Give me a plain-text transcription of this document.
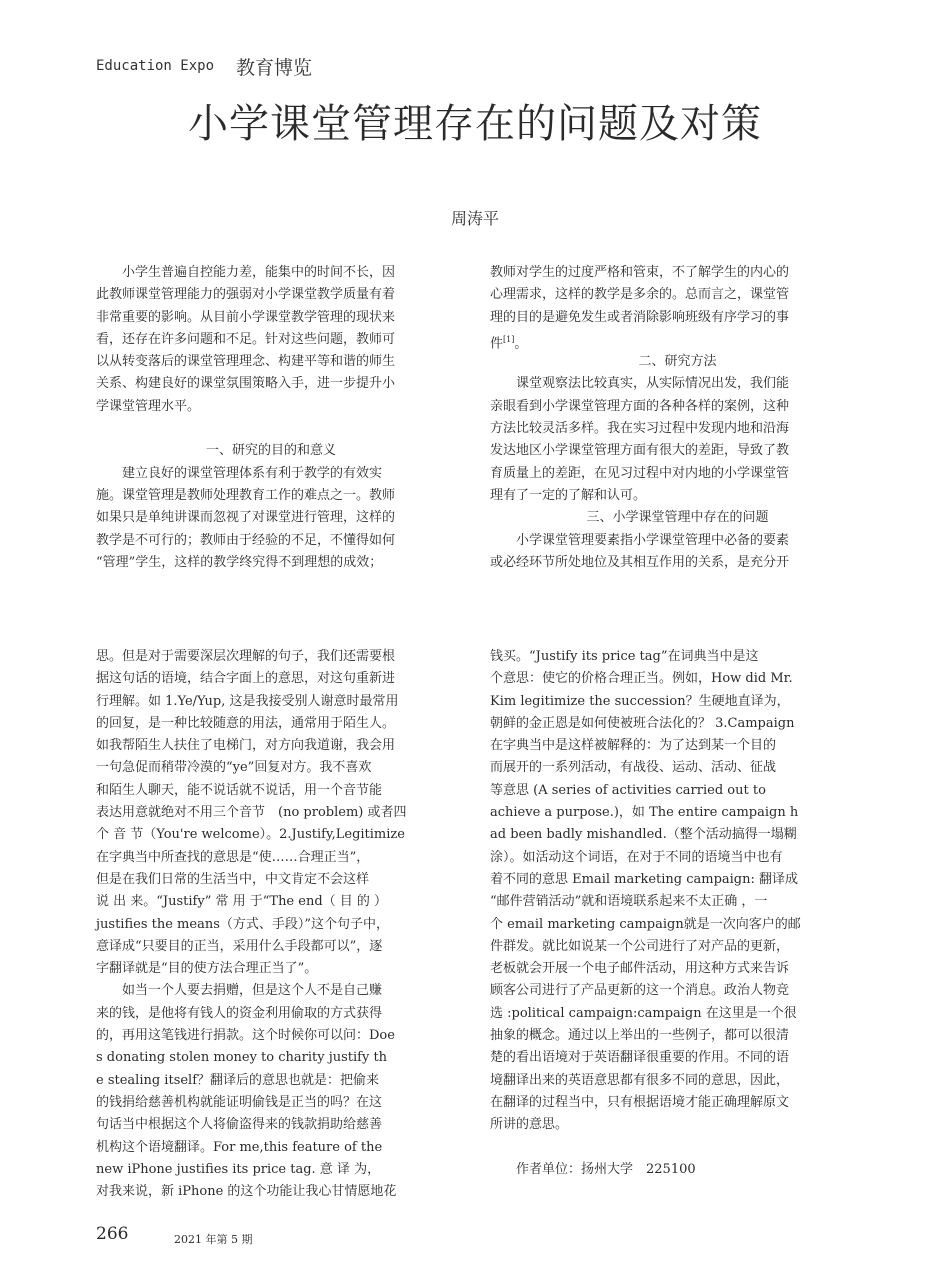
Education Expo 教育博览
小学课堂管理存在的问题及对策
周涛平
小学生普遍自控能力差，能集中的时间不长，因
此教师课堂管理能力的强弱对小学课堂教学质量有着
非常重要的影响。从目前小学课堂教学管理的现状来
看，还存在许多问题和不足。针对这些问题，教师可
以从转变落后的课堂管理理念、构建平等和谐的师生
关系、构建良好的课堂氛围策略入手，进一步提升小
学课堂管理水平。
一、研究的目的和意义
建立良好的课堂管理体系有利于教学的有效实
施。课堂管理是教师处理教育工作的难点之一。教师
如果只是单纯讲课而忽视了对课堂进行管理，这样的
教学是不可行的；教师由于经验的不足，不懂得如何
“管理”学生，这样的教学终究得不到理想的成效；
教师对学生的过度严格和管束，不了解学生的内心的
心理需求，这样的教学是多余的。总而言之，课堂管
理的目的是避免发生或者消除影响班级有序学习的事
件[1]。
二、研究方法
课堂观察法比较真实，从实际情况出发，我们能
亲眼看到小学课堂管理方面的各种各样的案例，这种
方法比较灵活多样。我在实习过程中发现内地和沿海
发达地区小学课堂管理方面有很大的差距，导致了教
育质量上的差距，在见习过程中对内地的小学课堂管
理有了一定的了解和认可。
三、小学课堂管理中存在的问题
小学课堂管理要素指小学课堂管理中必备的要素
或必经环节所处地位及其相互作用的关系，是充分开
思。但是对于需要深层次理解的句子，我们还需要根
据这句话的语境，结合字面上的意思，对这句重新进
行理解。如 1.Ye/Yup, 这是我接受别人谢意时最常用
的回复，是一种比较随意的用法，通常用于陌生人。
如我帮陌生人扶住了电梯门，对方向我道谢，我会用
一句急促而稍带冷漠的“ye”回复对方。我不喜欢
和陌生人聊天，能不说话就不说话，用一个音节能
表达用意就绝对不用三个音节　(no problem) 或者四
个 音 节（You're welcome）。2.Justify,Legitimize
在字典当中所查找的意思是“使……合理正当”，
但是在我们日常的生活当中，中文肯定不会这样
说 出 来。“Justify” 常 用 于“The end（ 目 的 ）
justifies the means（方式、手段）”这个句子中，
意译成“只要目的正当，采用什么手段都可以”，逐
字翻译就是“目的使方法合理正当了”。
如当一个人要去捐赠，但是这个人不是自己赚
来的钱，是他将有钱人的资金利用偷取的方式获得
的，再用这笔钱进行捐款。这个时候你可以问：Doe
s donating stolen money to charity justify th
e stealing itself？翻译后的意思也就是：把偷来
的钱捐给慈善机构就能证明偷钱是正当的吗？在这
句话当中根据这个人将偷盗得来的钱款捐助给慈善
机构这个语境翻译。For me,this feature of the
new iPhone justifies its price tag. 意 译 为，
对我来说，新 iPhone 的这个功能让我心甘情愿地花
钱买。“Justify its price tag”在词典当中是这
个意思：使它的价格合理正当。例如，How did Mr.
Kim legitimize the succession？生硬地直译为，
朝鲜的金正恩是如何使被班合法化的？ 3.Campaign
在字典当中是这样被解释的：为了达到某一个目的
而展开的一系列活动，有战役、运动、活动、征战
等意思 (A series of activities carried out to
achieve a purpose.)，如 The entire campaign h
ad been badly mishandled.（整个活动搞得一塌糊
涂）。如活动这个词语，在对于不同的语境当中也有
着不同的意思 Email marketing campaign: 翻译成
“邮件营销活动”就和语境联系起来不太正确 ，一
个 email marketing campaign就是一次向客户的邮
件群发。就比如说某一个公司进行了对产品的更新，
老板就会开展一个电子邮件活动，用这种方式来告诉
顾客公司进行了产品更新的这一个消息。政治人物竞
选 :political campaign:campaign 在这里是一个很
抽象的概念。通过以上举出的一些例子，都可以很清
楚的看出语境对于英语翻译很重要的作用。不同的语
境翻译出来的英语意思都有很多不同的意思，因此，
在翻译的过程当中，只有根据语境才能正确理解原文
所讲的意思。
作者单位：扬州大学　225100
266	2021 年第 5 期
